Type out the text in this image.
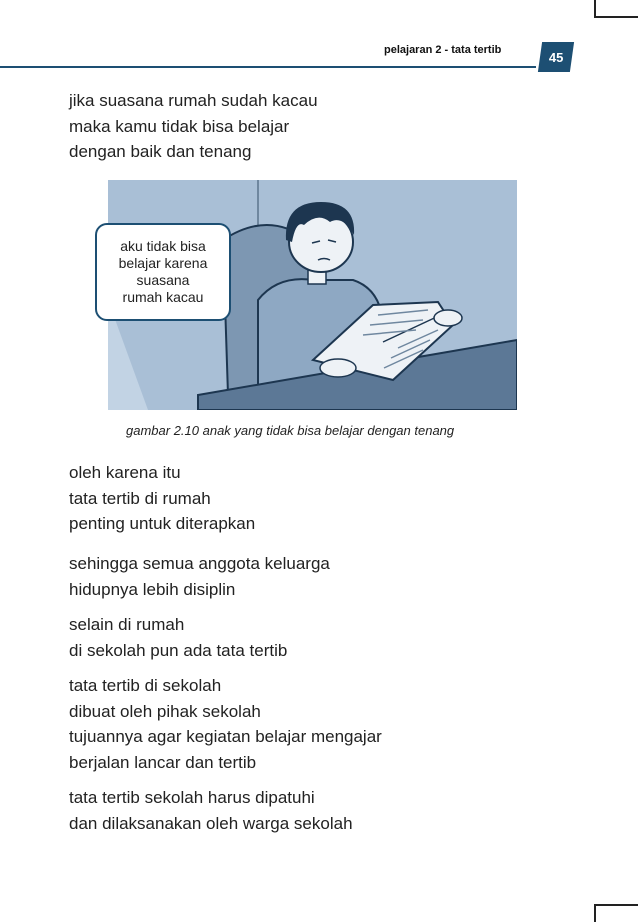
pelajaran 2 - tata tertib	45
jika suasana rumah sudah kacau
maka kamu tidak bisa belajar
dengan baik dan tenang
aku tidak bisa
belajar karena
suasana
rumah kacau
gambar 2.10 anak yang tidak bisa belajar dengan tenang
oleh karena itu
tata tertib di rumah
penting untuk diterapkan
sehingga semua anggota keluarga
hidupnya lebih disiplin
selain di rumah
di sekolah pun ada tata tertib
tata tertib di sekolah
dibuat oleh pihak sekolah
tujuannya agar kegiatan belajar mengajar
berjalan lancar dan tertib
tata tertib sekolah harus dipatuhi
dan dilaksanakan oleh warga sekolah
